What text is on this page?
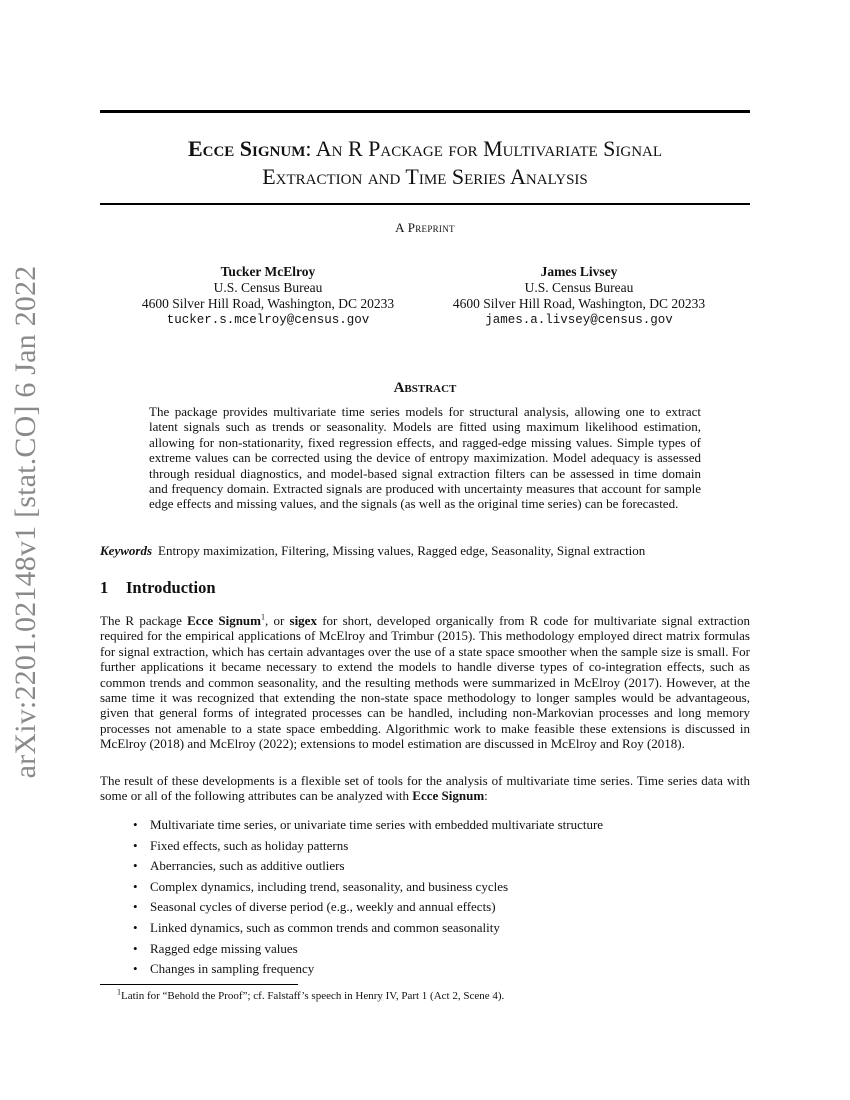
arXiv:2201.02148v1 [stat.CO] 6 Jan 2022
Ecce Signum: An R Package for Multivariate Signal
Extraction and Time Series Analysis
A Preprint
Tucker McElroy
U.S. Census Bureau
4600 Silver Hill Road, Washington, DC 20233
tucker.s.mcelroy@census.gov
James Livsey
U.S. Census Bureau
4600 Silver Hill Road, Washington, DC 20233
james.a.livsey@census.gov
Abstract
The package provides multivariate time series models for structural analysis, allowing one to extract latent signals such as trends or seasonality. Models are fitted using maximum likelihood estimation, allowing for non-stationarity, fixed regression effects, and ragged-edge missing values. Simple types of extreme values can be corrected using the device of entropy maximization. Model adequacy is assessed through residual diagnostics, and model-based signal extraction filters can be assessed in time domain and frequency domain. Extracted signals are produced with uncertainty measures that account for sample edge effects and missing values, and the signals (as well as the original time series) can be forecasted.
Keywords Entropy maximization, Filtering, Missing values, Ragged edge, Seasonality, Signal extraction
1 Introduction
The R package Ecce Signum$^1$, or sigex for short, developed organically from R code for multivariate signal extraction required for the empirical applications of McElroy and Trimbur (2015). This methodology employed direct matrix formulas for signal extraction, which has certain advantages over the use of a state space smoother when the sample size is small. For further applications it became necessary to extend the models to handle diverse types of co-integration effects, such as common trends and common seasonality, and the resulting methods were summarized in McElroy (2017). However, at the same time it was recognized that extending the non-state space methodology to longer samples would be advantageous, given that general forms of integrated processes can be handled, including non-Markovian processes and long memory processes not amenable to a state space embedding. Algorithmic work to make feasible these extensions is discussed in McElroy (2018) and McElroy (2022); extensions to model estimation are discussed in McElroy and Roy (2018).
The result of these developments is a flexible set of tools for the analysis of multivariate time series. Time series data with some or all of the following attributes can be analyzed with Ecce Signum:
• Multivariate time series, or univariate time series with embedded multivariate structure
• Fixed effects, such as holiday patterns
• Aberrancies, such as additive outliers
• Complex dynamics, including trend, seasonality, and business cycles
• Seasonal cycles of diverse period (e.g., weekly and annual effects)
• Linked dynamics, such as common trends and common seasonality
• Ragged edge missing values
• Changes in sampling frequency
$^1$Latin for “Behold the Proof”; cf. Falstaff’s speech in Henry IV, Part 1 (Act 2, Scene 4).
